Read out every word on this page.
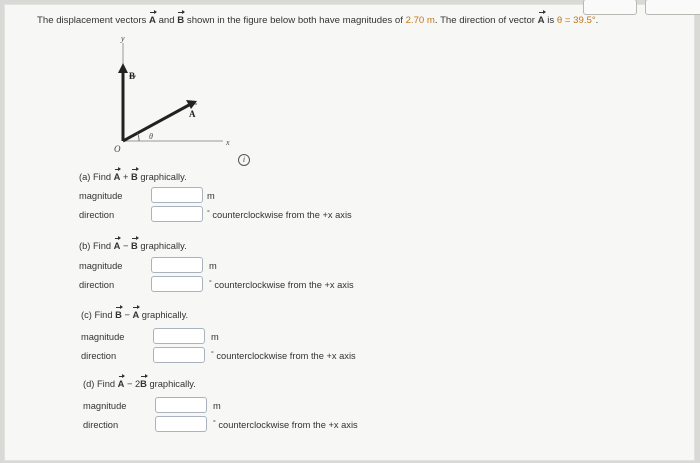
The displacement vectors A and B shown in the figure below both have magnitudes of 2.70 m. The direction of vector A is θ = 39.5°.
y
x
O
B
A
θ
i
(a) Find A + B graphically.
magnitude	m
direction	° counterclockwise from the +x axis
(b) Find A − B graphically.
magnitude	m
direction	° counterclockwise from the +x axis
(c) Find B − A graphically.
magnitude	m
direction	° counterclockwise from the +x axis
(d) Find A − 2B graphically.
magnitude	m
direction	° counterclockwise from the +x axis
